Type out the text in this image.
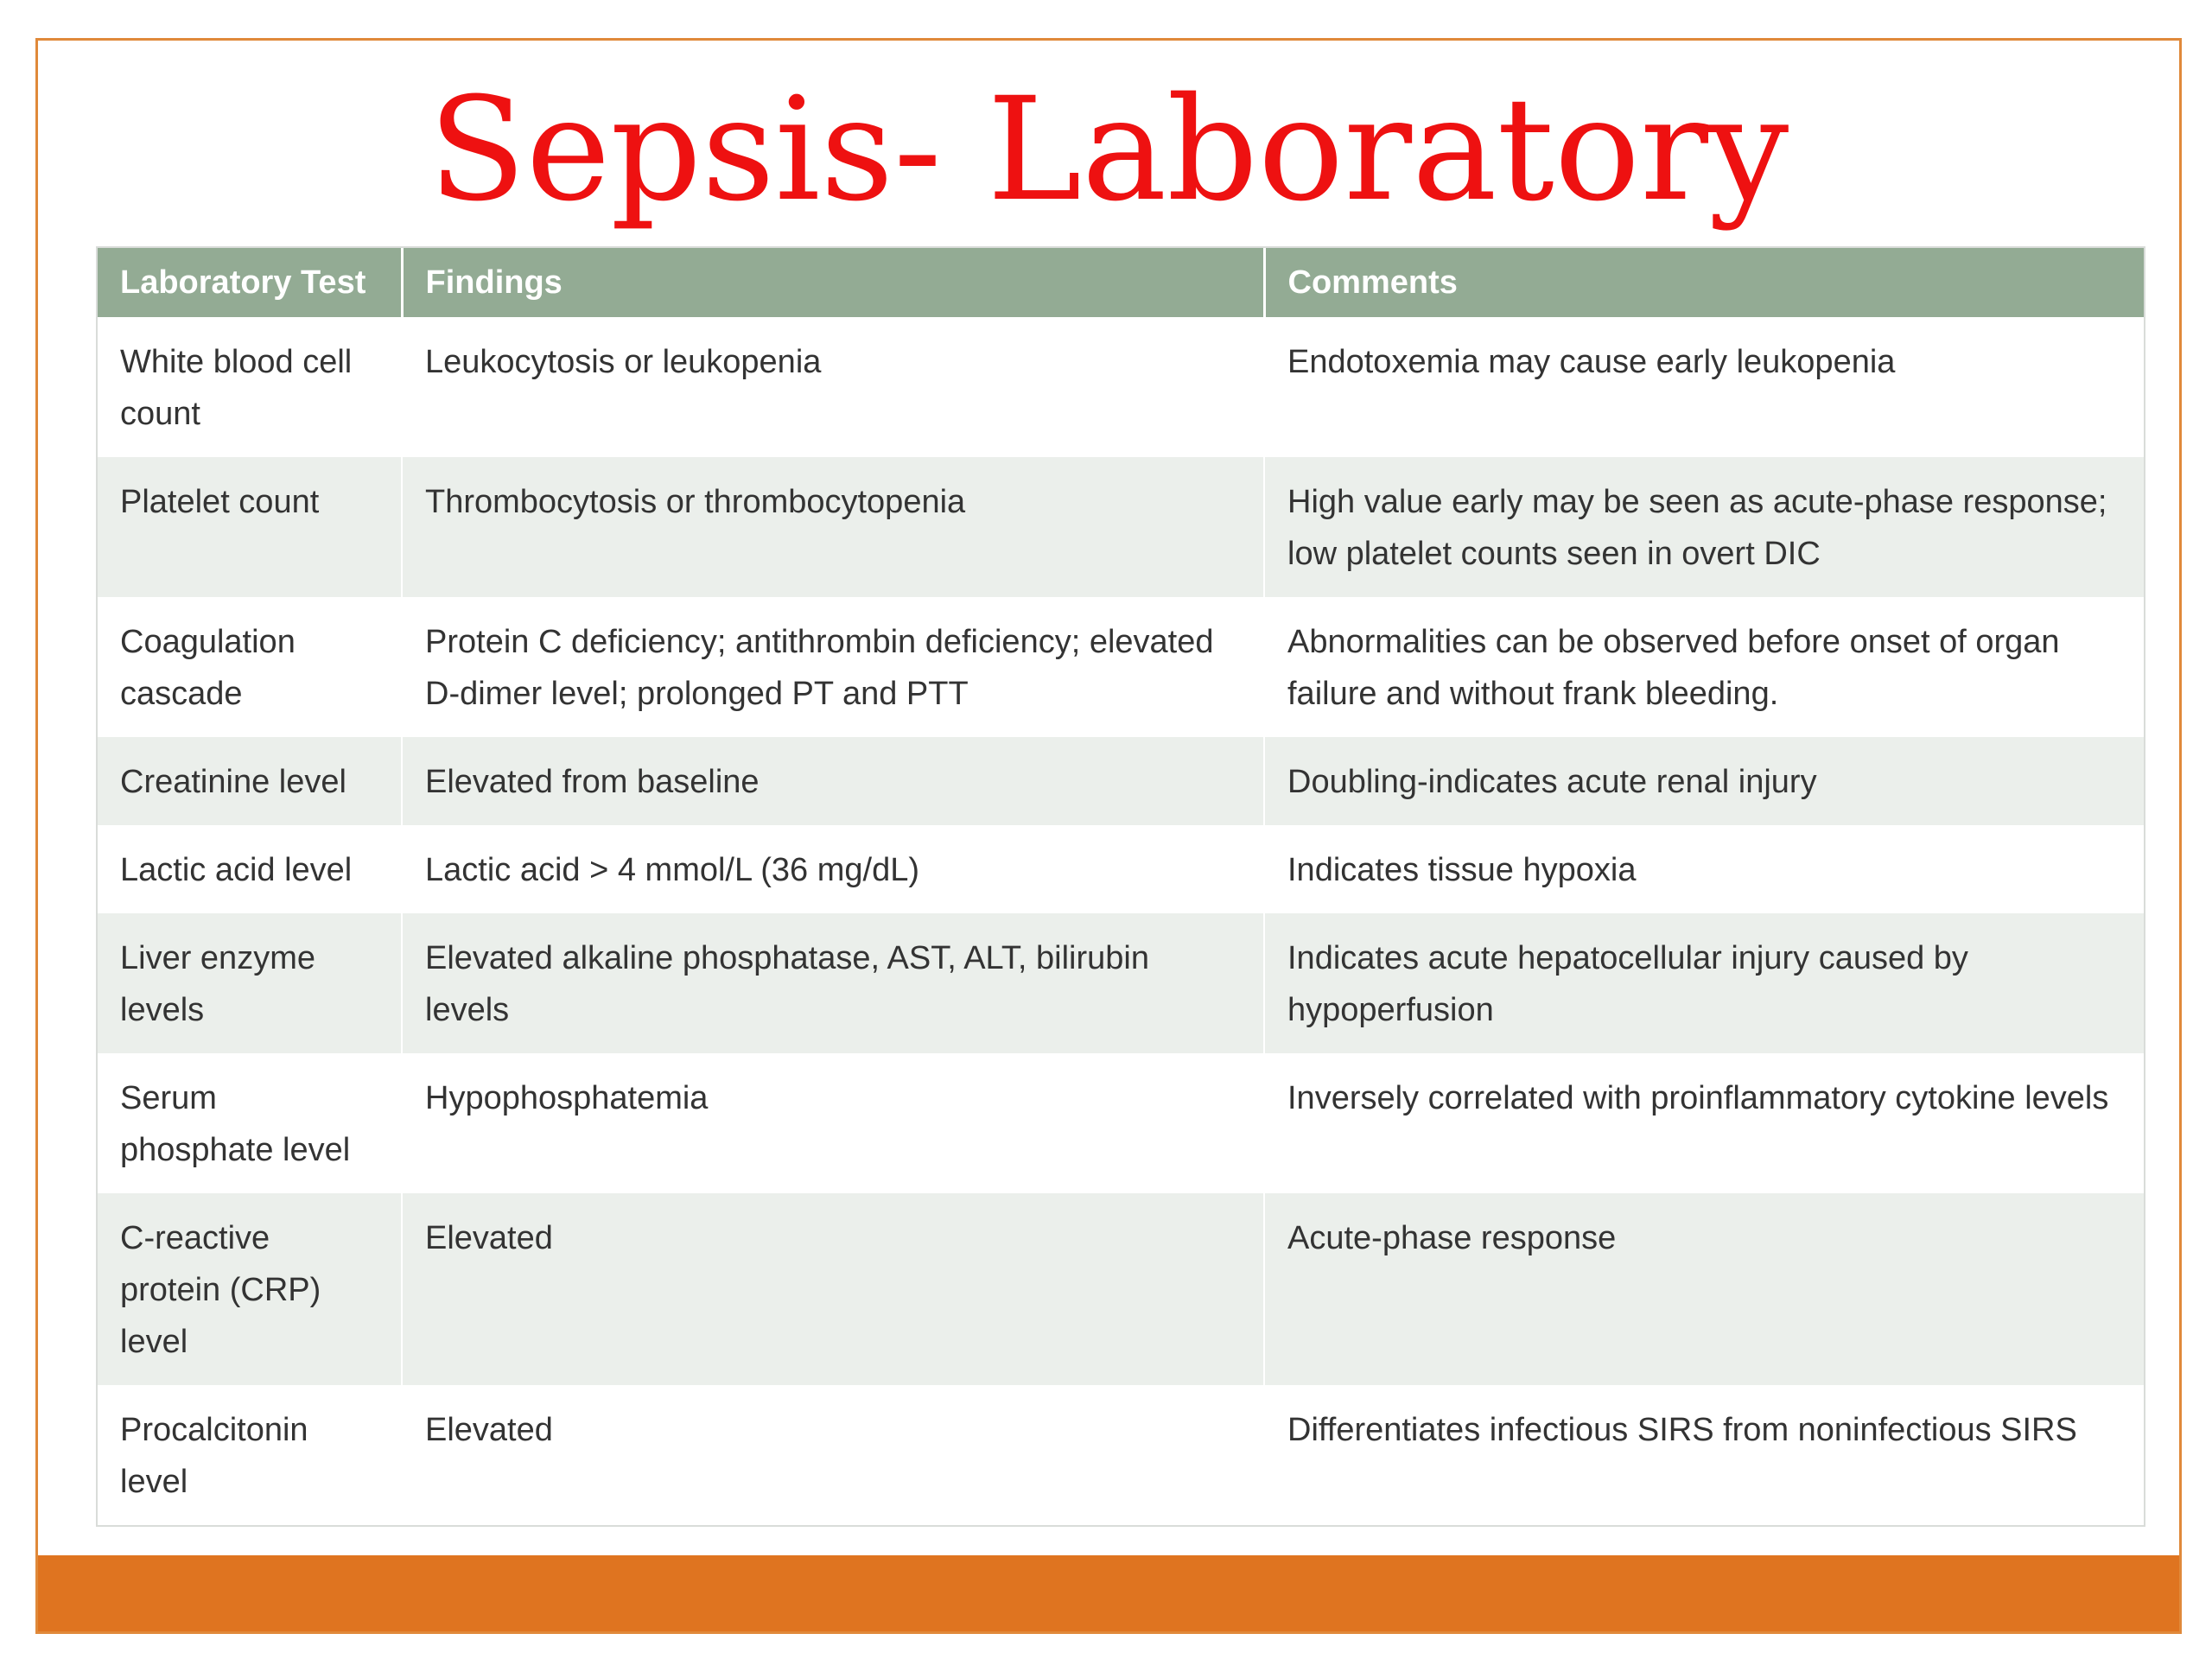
Sepsis- Laboratory
Laboratory Test	Findings	Comments
White blood cell count	Leukocytosis or leukopenia	Endotoxemia may cause early leukopenia
Platelet count	Thrombocytosis or thrombocytopenia	High value early may be seen as acute-phase response; low platelet counts seen in overt DIC
Coagulation cascade	Protein C deficiency; antithrombin deficiency; elevated D-dimer level; prolonged PT and PTT	Abnormalities can be observed before onset of organ failure and without frank bleeding.
Creatinine level	Elevated from baseline	Doubling-indicates acute renal injury
Lactic acid level	Lactic acid > 4 mmol/L (36 mg/dL)	Indicates tissue hypoxia
Liver enzyme levels	Elevated alkaline phosphatase, AST, ALT, bilirubin levels	Indicates acute hepatocellular injury caused by hypoperfusion
Serum phosphate level	Hypophosphatemia	Inversely correlated with proinflammatory cytokine levels
C-reactive protein (CRP) level	Elevated	Acute-phase response
Procalcitonin level	Elevated	Differentiates infectious SIRS from noninfectious SIRS
